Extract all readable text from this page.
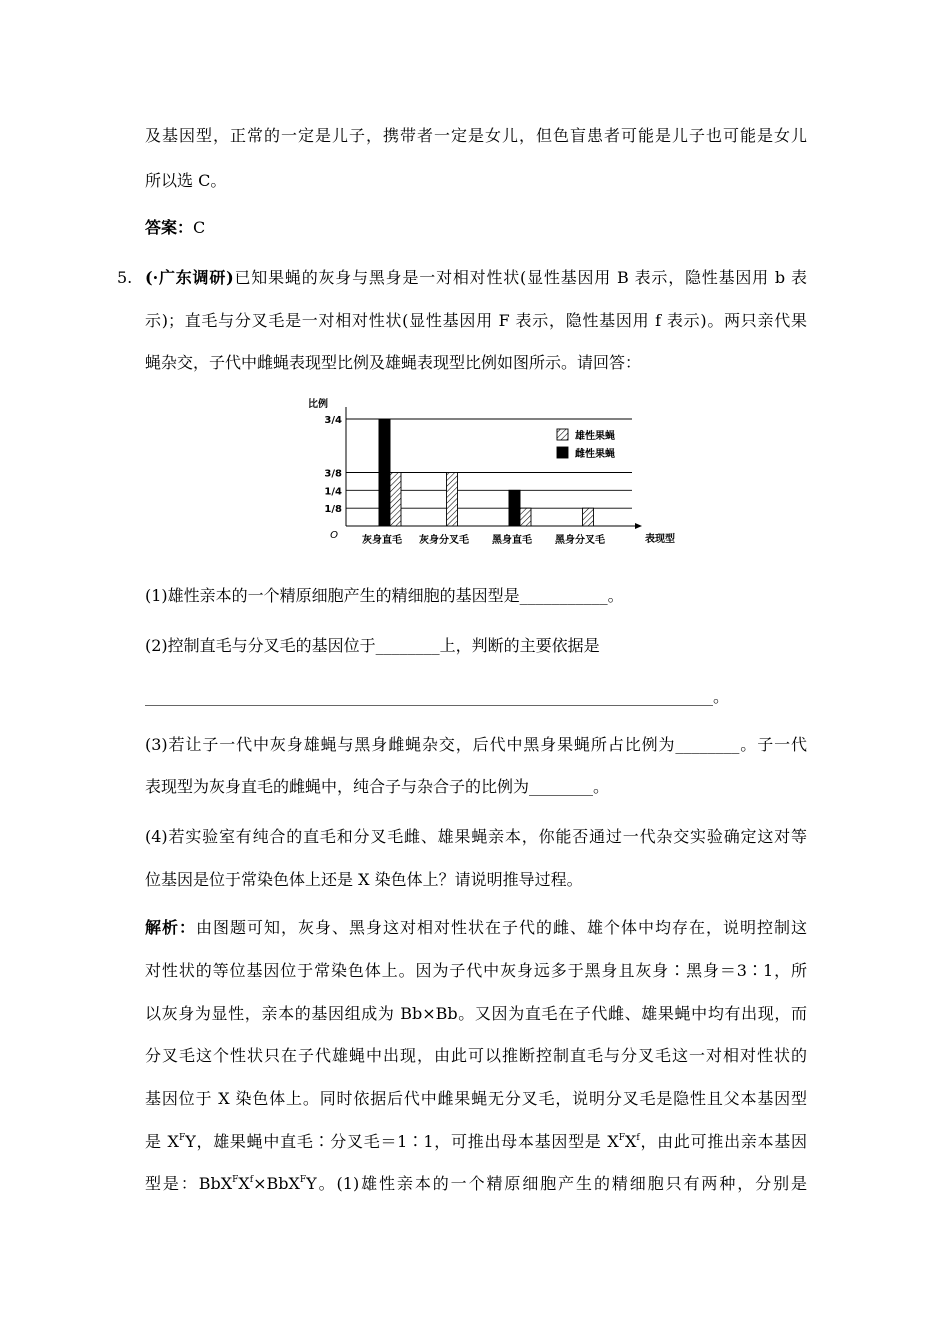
及基因型，正常的一定是儿子，携带者一定是女儿，但色盲患者可能是儿子也可能是女儿
所以选 C。
答案：C
5. (·广东调研)已知果蝇的灰身与黑身是一对相对性状(显性基因用 B 表示，隐性基因用 b 表
示)；直毛与分叉毛是一对相对性状(显性基因用 F 表示，隐性基因用 f 表示)。两只亲代果
蝇杂交，子代中雌蝇表现型比例及雄蝇表现型比例如图所示。请回答：
3/4
3/8
1/4
1/8
O
比例
表现型
灰身直毛 灰身分叉毛 黑身直毛 黑身分叉毛
雄性果蝇
雌性果蝇
(1)雄性亲本的一个精原细胞产生的精细胞的基因型是___________。
(2)控制直毛与分叉毛的基因位于________上，判断的主要依据是
_______________________________________________________________________。
(3)若让子一代中灰身雄蝇与黑身雌蝇杂交，后代中黑身果蝇所占比例为________。子一代
表现型为灰身直毛的雌蝇中，纯合子与杂合子的比例为________。
(4)若实验室有纯合的直毛和分叉毛雌、雄果蝇亲本，你能否通过一代杂交实验确定这对等
位基因是位于常染色体上还是 X 染色体上？请说明推导过程。
解析：由图题可知，灰身、黑身这对相对性状在子代的雌、雄个体中均存在，说明控制这
对性状的等位基因位于常染色体上。因为子代中灰身远多于黑身且灰身∶黑身＝3∶1，所
以灰身为显性，亲本的基因组成为 Bb×Bb。又因为直毛在子代雌、雄果蝇中均有出现，而
分叉毛这个性状只在子代雄蝇中出现，由此可以推断控制直毛与分叉毛这一对相对性状的
基因位于 X 染色体上。同时依据后代中雌果蝇无分叉毛，说明分叉毛是隐性且父本基因型
是 $X^FY$，雄果蝇中直毛∶分叉毛＝1∶1，可推出母本基因型是 $X^FX^f$，由此可推出亲本基因
型是：$BbX^FX^f\times BbX^FY$。(1)雄性亲本的一个精原细胞产生的精细胞只有两种，分别是
